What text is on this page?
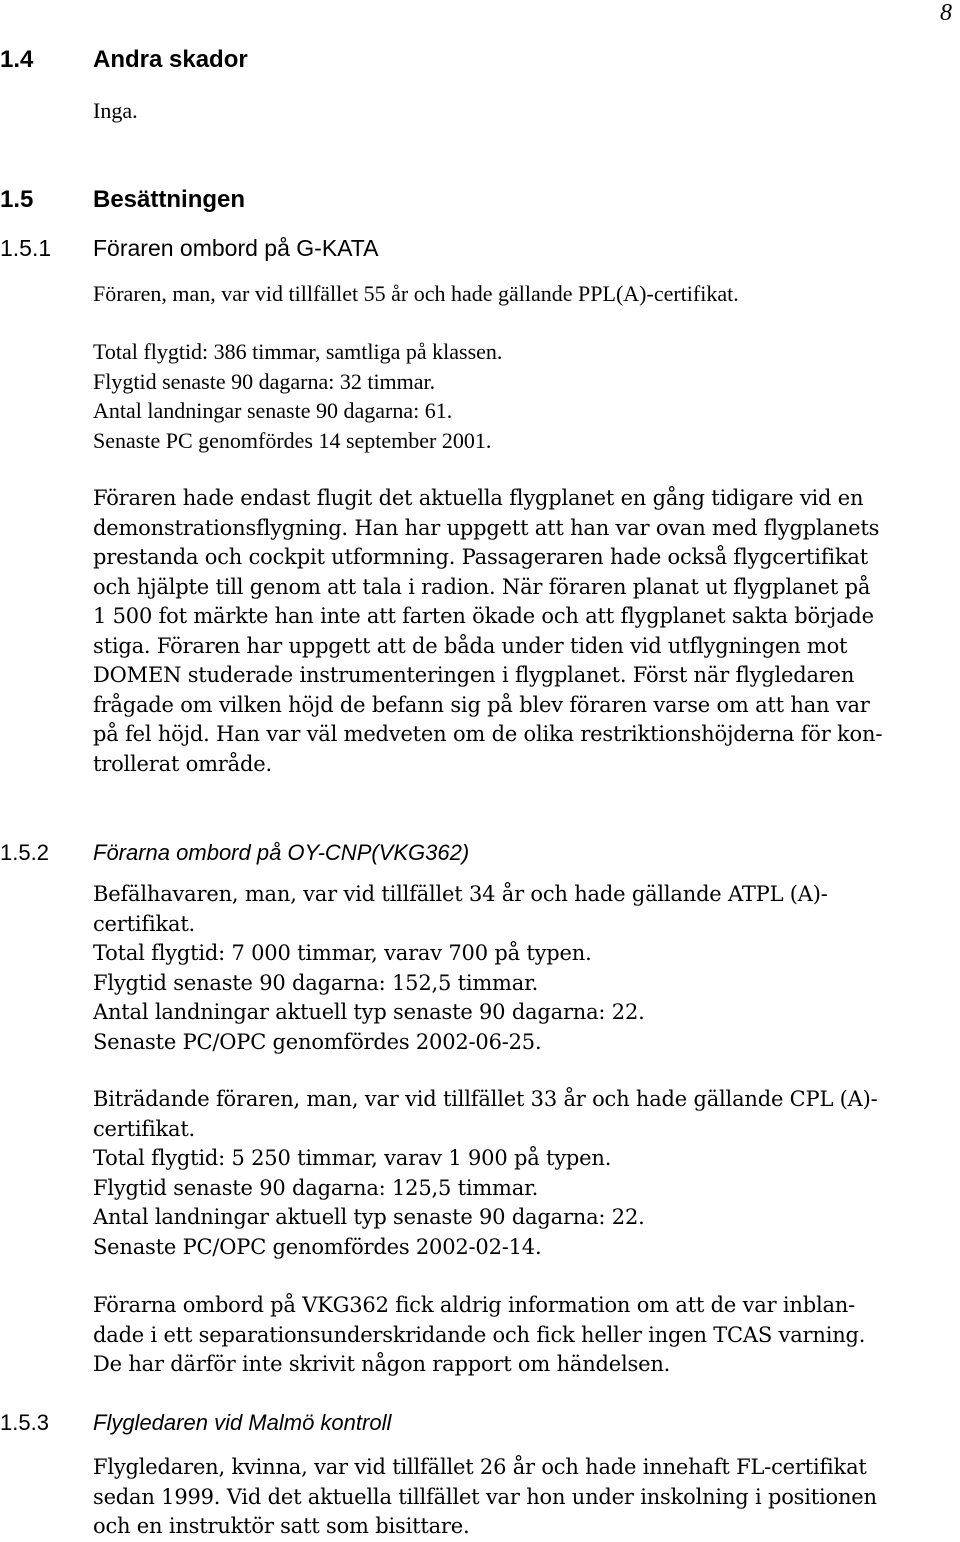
8
1.4 Andra skador
Inga.
1.5 Besättningen
1.5.1 Föraren ombord på G-KATA
Föraren, man, var vid tillfället 55 år och hade gällande PPL(A)-certifikat.
Total flygtid: 386 timmar, samtliga på klassen.
Flygtid senaste 90 dagarna: 32 timmar.
Antal landningar senaste 90 dagarna: 61.
Senaste PC genomfördes 14 september 2001.
Föraren hade endast flugit det aktuella flygplanet en gång tidigare vid en
demonstrationsflygning. Han har uppgett att han var ovan med flygplanets
prestanda och cockpit utformning. Passageraren hade också flygcertifikat
och hjälpte till genom att tala i radion. När föraren planat ut flygplanet på
1 500 fot märkte han inte att farten ökade och att flygplanet sakta började
stiga. Föraren har uppgett att de båda under tiden vid utflygningen mot
DOMEN studerade instrumenteringen i flygplanet. Först när flygledaren
frågade om vilken höjd de befann sig på blev föraren varse om att han var
på fel höjd. Han var väl medveten om de olika restriktionshöjderna för kon-
trollerat område.
1.5.2 Förarna ombord på OY-CNP(VKG362)
Befälhavaren, man, var vid tillfället 34 år och hade gällande ATPL (A)-
certifikat.
Total flygtid: 7 000 timmar, varav 700 på typen.
Flygtid senaste 90 dagarna: 152,5 timmar.
Antal landningar aktuell typ senaste 90 dagarna: 22.
Senaste PC/OPC genomfördes 2002-06-25.
Biträdande föraren, man, var vid tillfället 33 år och hade gällande CPL (A)-
certifikat.
Total flygtid: 5 250 timmar, varav 1 900 på typen.
Flygtid senaste 90 dagarna: 125,5 timmar.
Antal landningar aktuell typ senaste 90 dagarna: 22.
Senaste PC/OPC genomfördes 2002-02-14.
Förarna ombord på VKG362 fick aldrig information om att de var inblan-
dade i ett separationsunderskridande och fick heller ingen TCAS varning.
De har därför inte skrivit någon rapport om händelsen.
1.5.3 Flygledaren vid Malmö kontroll
Flygledaren, kvinna, var vid tillfället 26 år och hade innehaft FL-certifikat
sedan 1999. Vid det aktuella tillfället var hon under inskolning i positionen
och en instruktör satt som bisittare.
